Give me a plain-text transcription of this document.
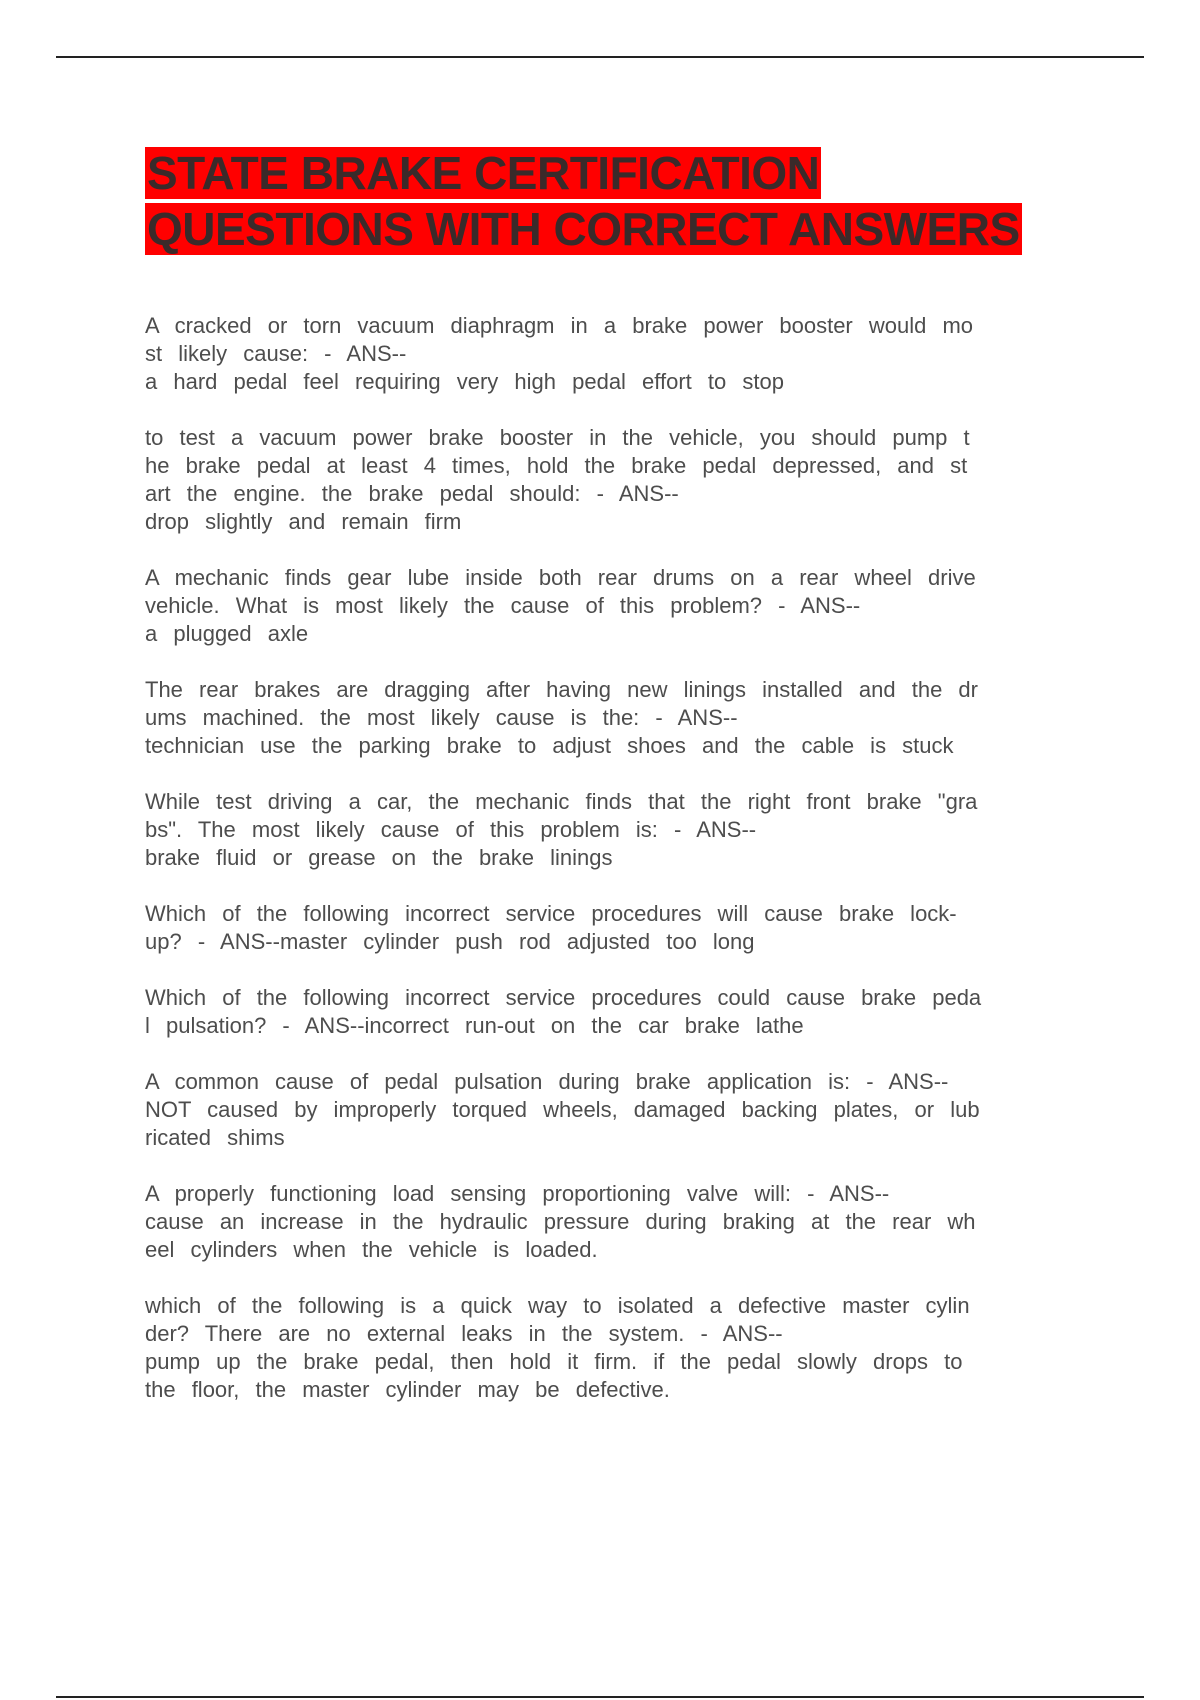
STATE BRAKE CERTIFICATION QUESTIONS WITH CORRECT ANSWERS

A cracked or torn vacuum diaphragm in a brake power booster would mo
st likely cause: - ANS--
a hard pedal feel requiring very high pedal effort to stop

to test a vacuum power brake booster in the vehicle, you should pump t
he brake pedal at least 4 times, hold the brake pedal depressed, and st
art the engine. the brake pedal should: - ANS--
drop slightly and remain firm

A mechanic finds gear lube inside both rear drums on a rear wheel drive
vehicle. What is most likely the cause of this problem? - ANS--
a plugged axle

The rear brakes are dragging after having new linings installed and the dr
ums machined. the most likely cause is the: - ANS--
technician use the parking brake to adjust shoes and the cable is stuck

While test driving a car, the mechanic finds that the right front brake "gra
bs". The most likely cause of this problem is: - ANS--
brake fluid or grease on the brake linings

Which of the following incorrect service procedures will cause brake lock-
up? - ANS--master cylinder push rod adjusted too long

Which of the following incorrect service procedures could cause brake peda
l pulsation? - ANS--incorrect run-out on the car brake lathe

A common cause of pedal pulsation during brake application is: - ANS--
NOT caused by improperly torqued wheels, damaged backing plates, or lub
ricated shims

A properly functioning load sensing proportioning valve will: - ANS--
cause an increase in the hydraulic pressure during braking at the rear wh
eel cylinders when the vehicle is loaded.

which of the following is a quick way to isolated a defective master cylin
der? There are no external leaks in the system. - ANS--
pump up the brake pedal, then hold it firm. if the pedal slowly drops to
the floor, the master cylinder may be defective.
